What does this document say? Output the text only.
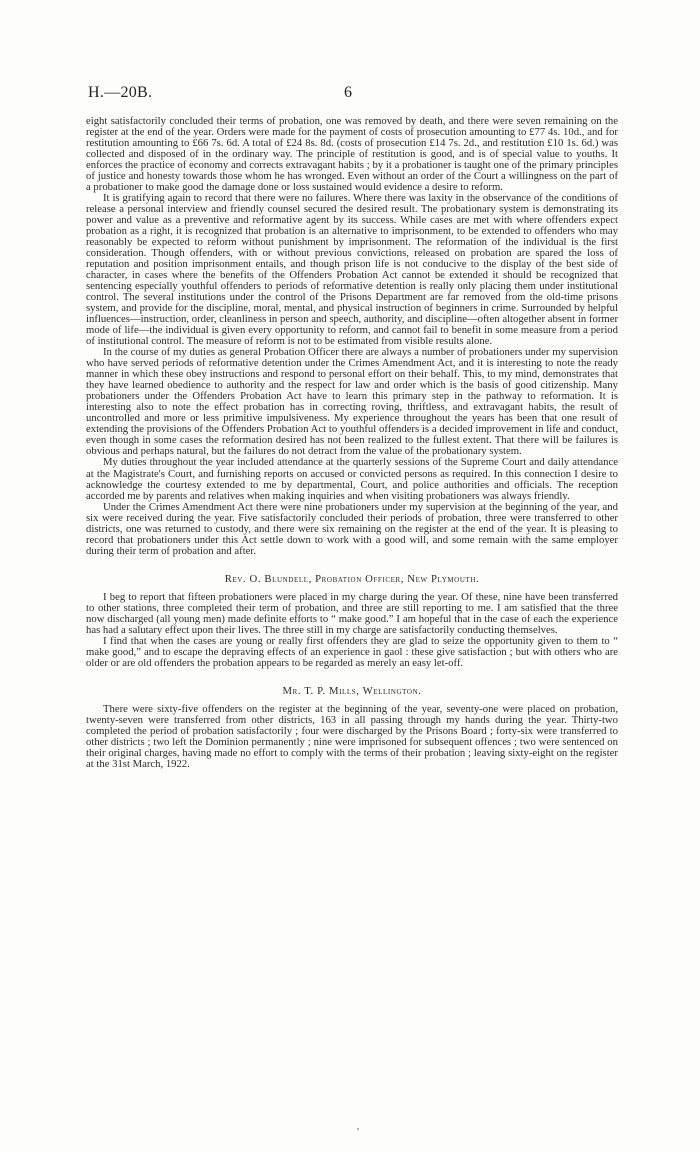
H.—20B.	6

eight satisfactorily concluded their terms of probation, one was removed by death, and there were seven remaining on the register at the end of the year. Orders were made for the payment of costs of prosecution amounting to £77 4s. 10d., and for restitution amounting to £66 7s. 6d. A total of £24 8s. 8d. (costs of prosecution £14 7s. 2d., and restitution £10 1s. 6d.) was collected and disposed of in the ordinary way. The principle of restitution is good, and is of special value to youths. It enforces the practice of economy and corrects extravagant habits ; by it a probationer is taught one of the primary principles of justice and honesty towards those whom he has wronged. Even without an order of the Court a willingness on the part of a probationer to make good the damage done or loss sustained would evidence a desire to reform.

It is gratifying again to record that there were no failures. Where there was laxity in the observance of the conditions of release a personal interview and friendly counsel secured the desired result. The probationary system is demonstrating its power and value as a preventive and reformative agent by its success. While cases are met with where offenders expect probation as a right, it is recognized that probation is an alternative to imprisonment, to be extended to offenders who may reasonably be expected to reform without punishment by imprisonment. The reformation of the individual is the first consideration. Though offenders, with or without previous convictions, released on probation are spared the loss of reputation and position imprisonment entails, and though prison life is not conducive to the display of the best side of character, in cases where the benefits of the Offenders Probation Act cannot be extended it should be recognized that sentencing especially youthful offenders to periods of reformative detention is really only placing them under institutional control. The several institutions under the control of the Prisons Department are far removed from the old-time prisons system, and provide for the discipline, moral, mental, and physical instruction of beginners in crime. Surrounded by helpful influences—instruction, order, cleanliness in person and speech, authority, and discipline—often altogether absent in former mode of life—the individual is given every opportunity to reform, and cannot fail to benefit in some measure from a period of institutional control. The measure of reform is not to be estimated from visible results alone.

In the course of my duties as general Probation Officer there are always a number of probationers under my supervision who have served periods of reformative detention under the Crimes Amendment Act, and it is interesting to note the ready manner in which these obey instructions and respond to personal effort on their behalf. This, to my mind, demonstrates that they have learned obedience to authority and the respect for law and order which is the basis of good citizenship. Many probationers under the Offenders Probation Act have to learn this primary step in the pathway to reformation. It is interesting also to note the effect probation has in correcting roving, thriftless, and extravagant habits, the result of uncontrolled and more or less primitive impulsiveness. My experience throughout the years has been that one result of extending the provisions of the Offenders Probation Act to youthful offenders is a decided improvement in life and conduct, even though in some cases the reformation desired has not been realized to the fullest extent. That there will be failures is obvious and perhaps natural, but the failures do not detract from the value of the probationary system.

My duties throughout the year included attendance at the quarterly sessions of the Supreme Court and daily attendance at the Magistrate's Court, and furnishing reports on accused or convicted persons as required. In this connection I desire to acknowledge the courtesy extended to me by departmental, Court, and police authorities and officials. The reception accorded me by parents and relatives when making inquiries and when visiting probationers was always friendly.

Under the Crimes Amendment Act there were nine probationers under my supervision at the beginning of the year, and six were received during the year. Five satisfactorily concluded their periods of probation, three were transferred to other districts, one was returned to custody, and there were six remaining on the register at the end of the year. It is pleasing to record that probationers under this Act settle down to work with a good will, and some remain with the same employer during their term of probation and after.

Rev. O. Blundell, Probation Officer, New Plymouth.

I beg to report that fifteen probationers were placed in my charge during the year. Of these, nine have been transferred to other stations, three completed their term of probation, and three are still reporting to me. I am satisfied that the three now discharged (all young men) made definite efforts to “ make good.” I am hopeful that in the case of each the experience has had a salutary effect upon their lives. The three still in my charge are satisfactorily conducting themselves.

I find that when the cases are young or really first offenders they are glad to seize the opportunity given to them to “ make good,” and to escape the depraving effects of an experience in gaol : these give satisfaction ; but with others who are older or are old offenders the probation appears to be regarded as merely an easy let-off.

Mr. T. P. Mills, Wellington.

There were sixty-five offenders on the register at the beginning of the year, seventy-one were placed on probation, twenty-seven were transferred from other districts, 163 in all passing through my hands during the year. Thirty-two completed the period of probation satisfactorily ; four were discharged by the Prisons Board ; forty-six were transferred to other districts ; two left the Dominion permanently ; nine were imprisoned for subsequent offences ; two were sentenced on their original charges, having made no effort to comply with the terms of their probation ; leaving sixty-eight on the register at the 31st March, 1922.
